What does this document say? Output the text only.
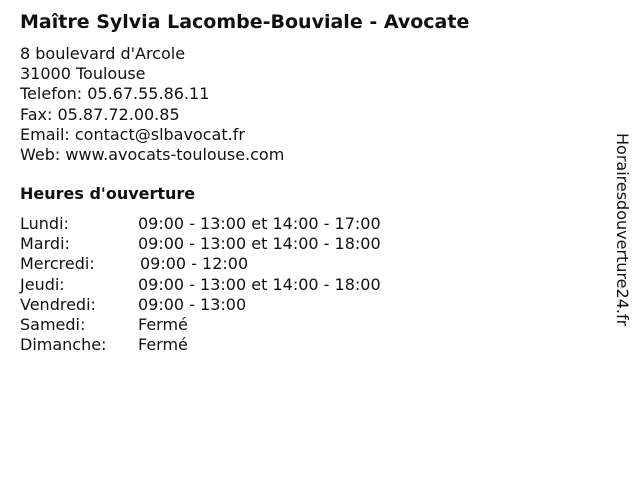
Maître Sylvia Lacombe-Bouviale - Avocate
8 boulevard d'Arcole
31000 Toulouse
Telefon: 05.67.55.86.11
Fax: 05.87.72.00.85
Email: contact@slbavocat.fr
Web: www.avocats-toulouse.com
Heures d'ouverture
Lundi:	09:00 - 13:00 et 14:00 - 17:00
Mardi:	09:00 - 13:00 et 14:00 - 18:00
Mercredi:	09:00 - 12:00
Jeudi:	09:00 - 13:00 et 14:00 - 18:00
Vendredi:	09:00 - 13:00
Samedi:	Fermé
Dimanche:	Fermé
Horairesdouverture24.fr
